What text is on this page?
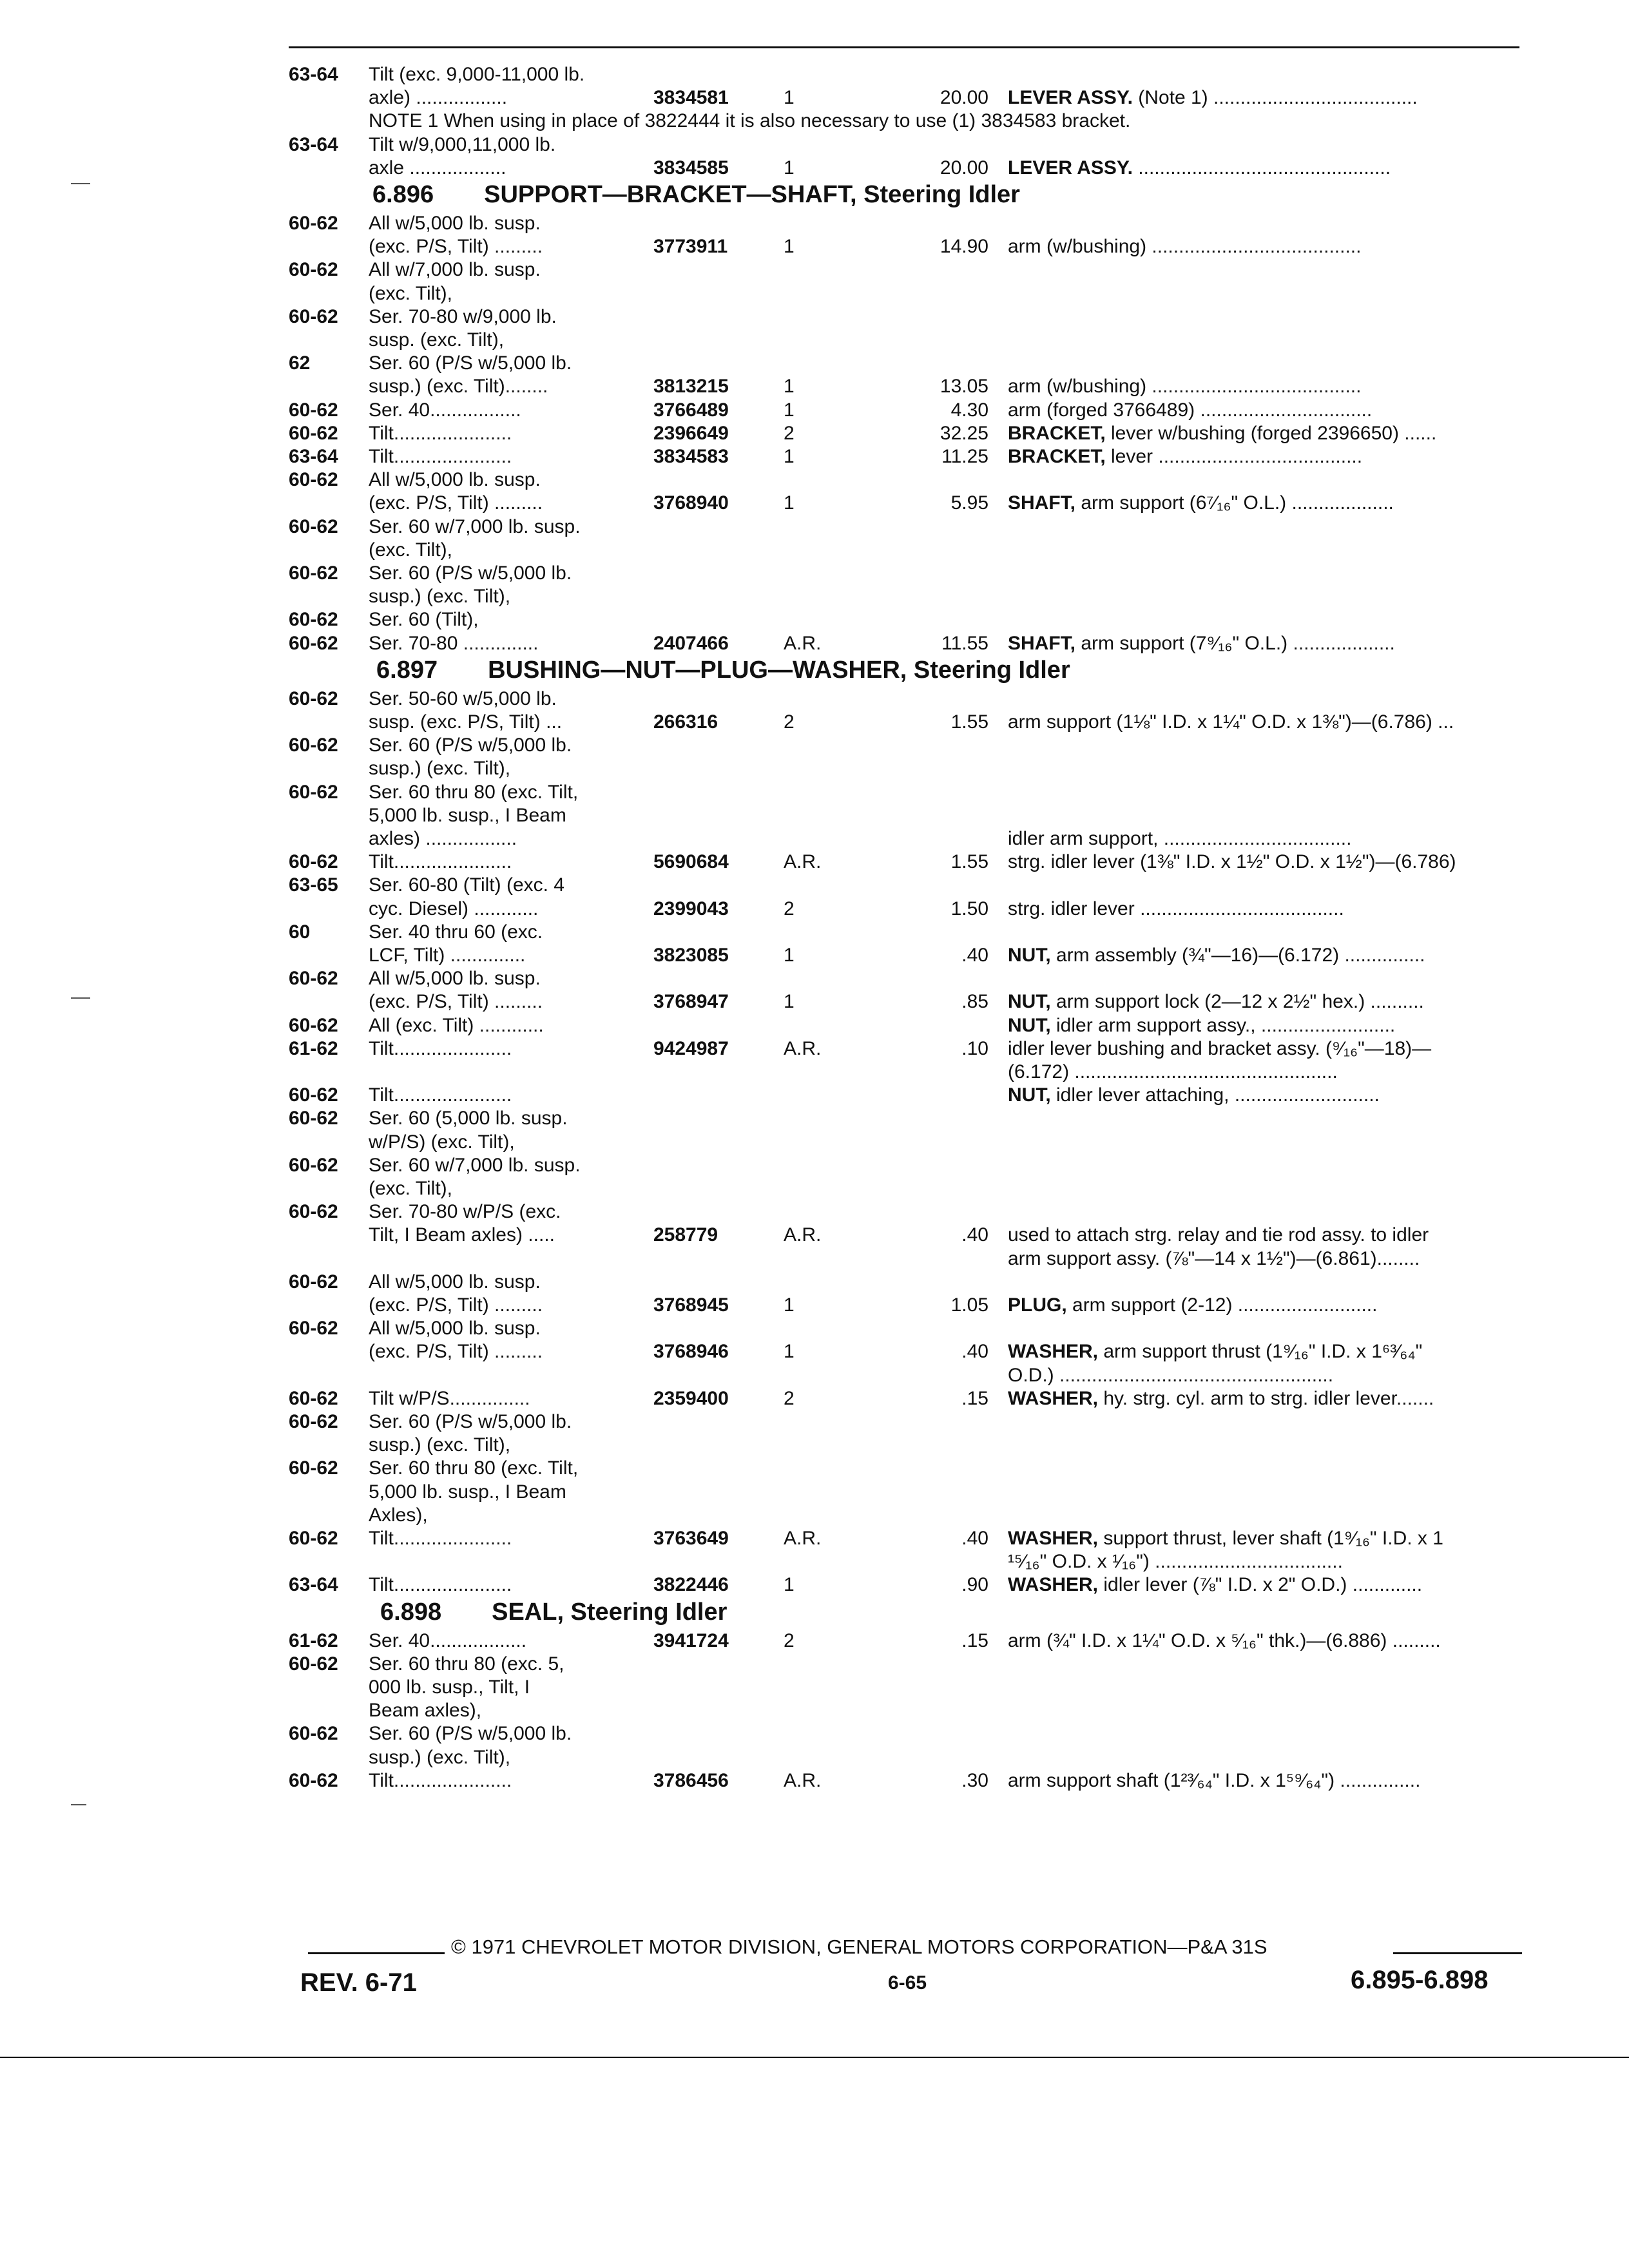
63-64 Tilt (exc. 9,000-11,000 lb.
axle) .................	3834581	1	20.00 LEVER ASSY. (Note 1) ......................................
NOTE 1 When using in place of 3822444 it is also necessary to use (1) 3834583 bracket.
63-64 Tilt w/9,000,11,000 lb.
axle ..................	3834585	1	20.00 LEVER ASSY. ...............................................
6.896 SUPPORT—BRACKET—SHAFT, Steering Idler
60-62 All w/5,000 lb. susp.
(exc. P/S, Tilt) .........	3773911	1	14.90 arm (w/bushing) .......................................
60-62 All w/7,000 lb. susp.
(exc. Tilt),
60-62 Ser. 70-80 w/9,000 lb.
susp. (exc. Tilt),
62	Ser. 60 (P/S w/5,000 lb.
susp.) (exc. Tilt)........	3813215	1	13.05 arm (w/bushing) .......................................
60-62 Ser. 40.................	3766489	1	4.30 arm (forged 3766489) ................................
60-62 Tilt......................	2396649	2	32.25 BRACKET, lever w/bushing (forged 2396650) ......
63-64 Tilt......................	3834583	1	11.25 BRACKET, lever ......................................
60-62 All w/5,000 lb. susp.
(exc. P/S, Tilt) .........	3768940	1	5.95 SHAFT, arm support (6⁷⁄₁₆" O.L.) ...................
60-62 Ser. 60 w/7,000 lb. susp.
(exc. Tilt),
60-62 Ser. 60 (P/S w/5,000 lb.
susp.) (exc. Tilt),
60-62 Ser. 60 (Tilt),
60-62 Ser. 70-80 ..............	2407466	A.R.	11.55 SHAFT, arm support (7⁹⁄₁₆" O.L.) ...................
6.897 BUSHING—NUT—PLUG—WASHER, Steering Idler
60-62 Ser. 50-60 w/5,000 lb.
susp. (exc. P/S, Tilt) ...	266316	2	1.55 arm support (1⅛" I.D. x 1¼" O.D. x 1⅜")—(6.786) ...
60-62 Ser. 60 (P/S w/5,000 lb.
susp.) (exc. Tilt),
60-62 Ser. 60 thru 80 (exc. Tilt,
5,000 lb. susp., I Beam
axles) .................	idler arm support, ...................................
60-62 Tilt......................	5690684	A.R.	1.55 strg. idler lever (1⅜" I.D. x 1½" O.D. x 1½")—(6.786)
63-65 Ser. 60-80 (Tilt) (exc. 4
cyc. Diesel) ............	2399043	2	1.50 strg. idler lever ......................................
60	Ser. 40 thru 60 (exc.
LCF, Tilt) ..............	3823085	1	.40 NUT, arm assembly (¾"—16)—(6.172) ...............
60-62 All w/5,000 lb. susp.
(exc. P/S, Tilt) .........	3768947	1	.85 NUT, arm support lock (2—12 x 2½" hex.) ..........
60-62 All (exc. Tilt) ............	NUT, idler arm support assy., .........................
61-62 Tilt......................	9424987	A.R.	.10 idler lever bushing and bracket assy. (⁹⁄₁₆"—18)—
(6.172) .................................................
60-62 Tilt......................	NUT, idler lever attaching, ...........................
60-62 Ser. 60 (5,000 lb. susp.
w/P/S) (exc. Tilt),
60-62 Ser. 60 w/7,000 lb. susp.
(exc. Tilt),
60-62 Ser. 70-80 w/P/S (exc.
Tilt, I Beam axles) .....	258779	A.R.	.40 used to attach strg. relay and tie rod assy. to idler
arm support assy. (⅞"—14 x 1½")—(6.861)........
60-62 All w/5,000 lb. susp.
(exc. P/S, Tilt) .........	3768945	1	1.05 PLUG, arm support (2-12) ..........................
60-62 All w/5,000 lb. susp.
(exc. P/S, Tilt) .........	3768946	1	.40 WASHER, arm support thrust (1⁹⁄₁₆" I.D. x 1⁶³⁄₆₄"
O.D.) ...................................................
60-62 Tilt w/P/S...............	2359400	2	.15 WASHER, hy. strg. cyl. arm to strg. idler lever.......
60-62 Ser. 60 (P/S w/5,000 lb.
susp.) (exc. Tilt),
60-62 Ser. 60 thru 80 (exc. Tilt,
5,000 lb. susp., I Beam
Axles),
60-62 Tilt......................	3763649	A.R.	.40 WASHER, support thrust, lever shaft (1⁹⁄₁₆" I.D. x 1
¹⁵⁄₁₆" O.D. x ¹⁄₁₆") ...................................
63-64 Tilt......................	3822446	1	.90 WASHER, idler lever (⅞" I.D. x 2" O.D.) .............
6.898 SEAL, Steering Idler
61-62 Ser. 40..................	3941724	2	.15 arm (¾" I.D. x 1¼" O.D. x ⁵⁄₁₆" thk.)—(6.886) .........
60-62 Ser. 60 thru 80 (exc. 5,
000 lb. susp., Tilt, I
Beam axles),
60-62 Ser. 60 (P/S w/5,000 lb.
susp.) (exc. Tilt),
60-62 Tilt......................	3786456	A.R.	.30 arm support shaft (1²³⁄₆₄" I.D. x 1⁵⁹⁄₆₄") ...............
© 1971 CHEVROLET MOTOR DIVISION, GENERAL MOTORS CORPORATION—P&A 31S
REV. 6-71	6-65	6.895-6.898
